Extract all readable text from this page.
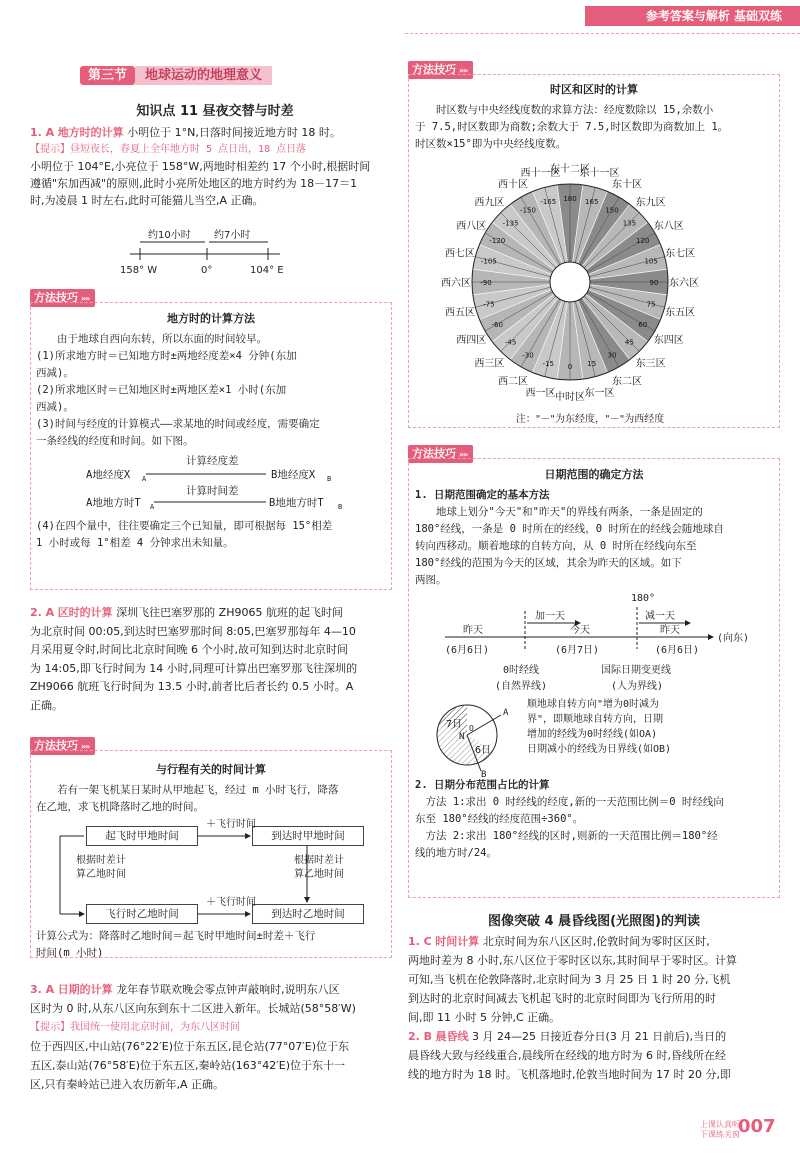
参考答案与解析 基础双练
第三节 地球运动的地理意义
知识点 11 昼夜交替与时差
1. A 地方时的计算 小明位于 1°N,日落时间接近地方时 18 时。
【提示】昼短夜长，春夏上全年地方时 5 点日出，18 点日落
小明位于 104°E,小亮位于 158°W,两地时相差约 17 个小时,根据时间
遵循"东加西减"的原则,此时小亮所处地区的地方时约为 18－17＝1
时,为凌晨 1 时左右,此时可能猫儿当空,A 正确。
约10小时 约7小时
158° W	0°	104° E
方法技巧 »»
地方时的计算方法
由于地球自西向东转，所以东面的时间较早。
(1)所求地方时＝已知地方时±两地经度差×4 分钟(东加
西减)。
(2)所求地区时＝已知地区时±两地区差×1 小时(东加
西减)。
(3)时间与经度的计算模式——求某地的时间或经度，需要确定
一条经线的经度和时间。如下图。
计算经度差
A地经度X A	B地经度X B
计算时间差
A地地方时T A	B地地方时T B
(4)在四个量中，往往要确定三个已知量，即可根据每 15°相差
1 小时或每 1°相差 4 分钟求出未知量。
2. A 区时的计算 深圳飞往巴塞罗那的 ZH9065 航班的起飞时间
为北京时间 00:05,到达时巴塞罗那时间 8:05,巴塞罗那每年 4—10
月采用夏令时,时间比北京时间晚 6 个小时,故可知到达时北京时间
为 14:05,即飞行时间为 14 小时,同理可计算出巴塞罗那飞往深圳的
ZH9066 航班飞行时间为 13.5 小时,前者比后者长约 0.5 小时。A
正确。
方法技巧 »»
与行程有关的时间计算
若有一架飞机某日某时从甲地起飞，经过 m 小时飞行，降落
在乙地，求飞机降落时乙地的时间。
起飞时甲地时间	到达时甲地时间
飞行时乙地时间	到达时乙地时间
＋飞行时间
＋飞行时间
根据时差计
算乙地时间
根据时差计
算乙地时间
计算公式为：降落时乙地时间＝起飞时甲地时间±时差＋飞行
时间(m 小时)
3. A 日期的计算 龙年春节联欢晚会零点钟声敲响时,说明东八区
区时为 0 时,从东八区向东到东十二区进入新年。长城站(58°58′W)
【提示】我国统一使用北京时间，为东八区时间
位于西四区,中山站(76°22′E)位于东五区,昆仑站(77°07′E)位于东
五区,泰山站(76°58′E)位于东五区,秦岭站(163°42′E)位于东十一
区,只有秦岭站已进入农历新年,A 正确。
方法技巧 »»
时区和区时的计算
时区数与中央经线度数的求算方法：经度数除以 15,余数小
于 7.5,时区数即为商数;余数大于 7.5,时区数即为商数加上 1。
时区数×15°即为中央经线度数。
180
东十二区
165
东十一区
150
东十区
135
东九区
120
东八区
105
东七区
90 东六区
75
东五区
60
东四区
45
东三区
30
东二区
15
东一区
0
中时区
-15
西一区
-30
西二区
-45
西三区
-60
西四区
-75
西五区
-90
西六区
-105
西七区
-120
西八区 -135
西九区
-150
西十区
-165
西十一区
注："－"为东经度，"－"为西经度
方法技巧 »»
日期范围的确定方法
1. 日期范围确定的基本方法
地球上划分"今天"和"昨天"的界线有两条，一条是固定的
180°经线，一条是 0 时所在的经线，0 时所在的经线会随地球自
转向西移动。顺着地球的自转方向，从 0 时所在经线向东至
180°经线的范围为今天的区域，其余为昨天的区域。如下
两图。
180°
加一天	减一天
(向东)
昨天
(6月6日)
今天
(6月7日)
昨天
(6月6日)
0时经线
(自然界线)
国际日期变更线
(人为界线)
7日
6日
N
A
B
O
顺地球自转方向"增为0时减为
界"，即顺地球自转方向，日期
增加的经线为0时经线(如OA)
日期减小的经线为日界线(如OB)
2. 日期分布范围占比的计算
方法 1:求出 0 时经线的经度,新的一天范围比例＝0 时经线向
东至 180°经线的经度范围÷360°。
方法 2:求出 180°经线的区时,则新的一天范围比例＝180°经
线的地方时/24。
图像突破 4 晨昏线图(光照图)的判读
1. C 时间计算 北京时间为东八区区时,伦敦时间为零时区区时,
两地时差为 8 小时,东八区位于零时区以东,其时间早于零时区。计算
可知,当飞机在伦敦降落时,北京时间为 3 月 25 日 1 时 20 分,飞机
到达时的北京时间减去飞机起飞时的北京时间即为飞行所用的时
间,即 11 小时 5 分钟,C 正确。
2. B 晨昏线 3 月 24—25 日接近春分日(3 月 21 日前后),当日的
晨昏线大致与经线重合,晨线所在经线的地方时为 6 时,昏线所在经
线的地方时为 18 时。飞机落地时,伦敦当地时间为 17 时 20 分,即
上课认真听
下课练关窗
007
